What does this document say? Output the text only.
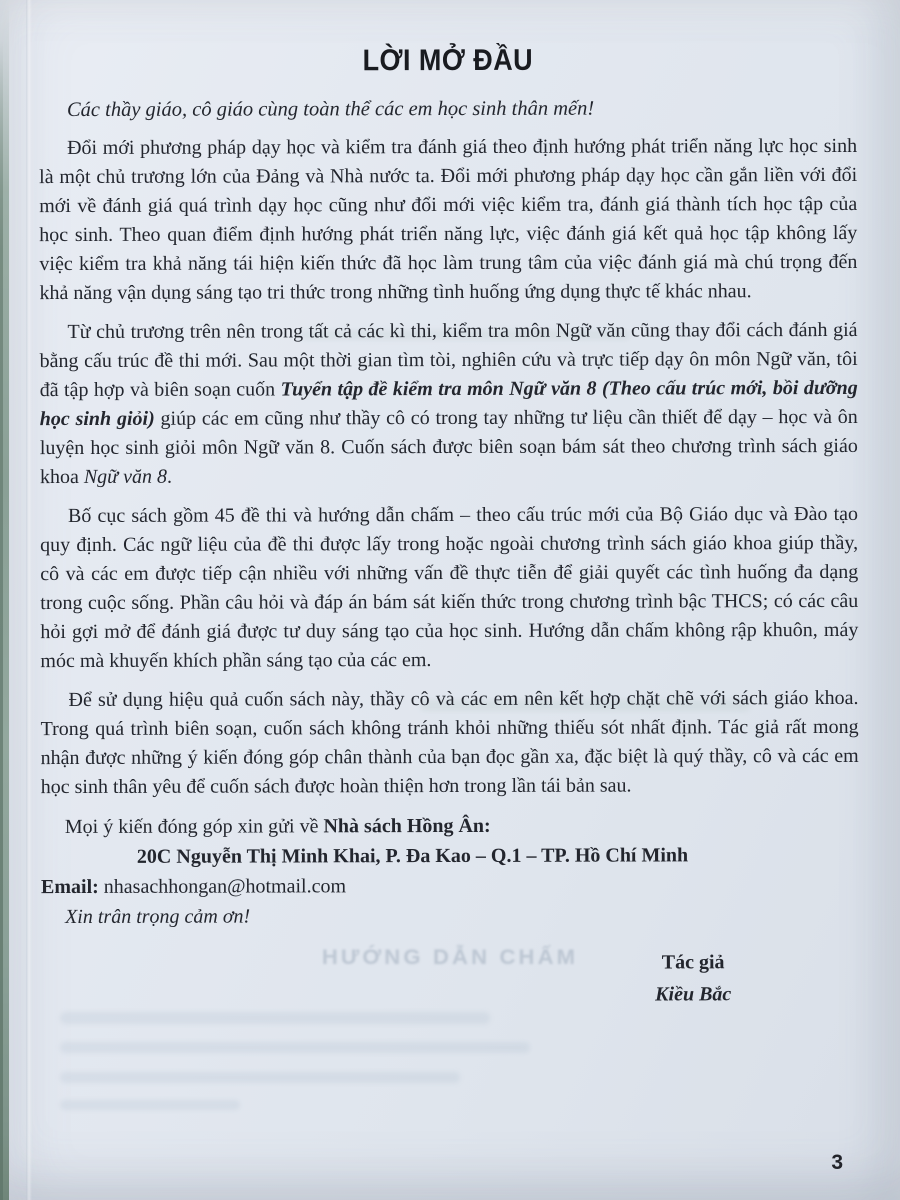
HƯỚNG DẪN CHẤM
LỜI MỞ ĐẦU

Các thầy giáo, cô giáo cùng toàn thể các em học sinh thân mến!

Đổi mới phương pháp dạy học và kiểm tra đánh giá theo định hướng phát triển năng lực học sinh là một chủ trương lớn của Đảng và Nhà nước ta. Đổi mới phương pháp dạy học cần gắn liền với đổi mới về đánh giá quá trình dạy học cũng như đổi mới việc kiểm tra, đánh giá thành tích học tập của học sinh. Theo quan điểm định hướng phát triển năng lực, việc đánh giá kết quả học tập không lấy việc kiểm tra khả năng tái hiện kiến thức đã học làm trung tâm của việc đánh giá mà chú trọng đến khả năng vận dụng sáng tạo tri thức trong những tình huống ứng dụng thực tế khác nhau.

Từ chủ trương trên nên trong tất cả các kì thi, kiểm tra môn Ngữ văn cũng thay đổi cách đánh giá bằng cấu trúc đề thi mới. Sau một thời gian tìm tòi, nghiên cứu và trực tiếp dạy ôn môn Ngữ văn, tôi đã tập hợp và biên soạn cuốn Tuyển tập đề kiểm tra môn Ngữ văn 8 (Theo cấu trúc mới, bồi dưỡng học sinh giỏi) giúp các em cũng như thầy cô có trong tay những tư liệu cần thiết để dạy – học và ôn luyện học sinh giỏi môn Ngữ văn 8. Cuốn sách được biên soạn bám sát theo chương trình sách giáo khoa Ngữ văn 8.

Bố cục sách gồm 45 đề thi và hướng dẫn chấm – theo cấu trúc mới của Bộ Giáo dục và Đào tạo quy định. Các ngữ liệu của đề thi được lấy trong hoặc ngoài chương trình sách giáo khoa giúp thầy, cô và các em được tiếp cận nhiều với những vấn đề thực tiễn để giải quyết các tình huống đa dạng trong cuộc sống. Phần câu hỏi và đáp án bám sát kiến thức trong chương trình bậc THCS; có các câu hỏi gợi mở để đánh giá được tư duy sáng tạo của học sinh. Hướng dẫn chấm không rập khuôn, máy móc mà khuyến khích phần sáng tạo của các em.

Để sử dụng hiệu quả cuốn sách này, thầy cô và các em nên kết hợp chặt chẽ với sách giáo khoa. Trong quá trình biên soạn, cuốn sách không tránh khỏi những thiếu sót nhất định. Tác giả rất mong nhận được những ý kiến đóng góp chân thành của bạn đọc gần xa, đặc biệt là quý thầy, cô và các em học sinh thân yêu để cuốn sách được hoàn thiện hơn trong lần tái bản sau.

Mọi ý kiến đóng góp xin gửi về Nhà sách Hồng Ân:

20C Nguyễn Thị Minh Khai, P. Đa Kao – Q.1 – TP. Hồ Chí Minh

Email: nhasachhongan@hotmail.com

Xin trân trọng cảm ơn!

Tác giả
Kiều Bắc
3
